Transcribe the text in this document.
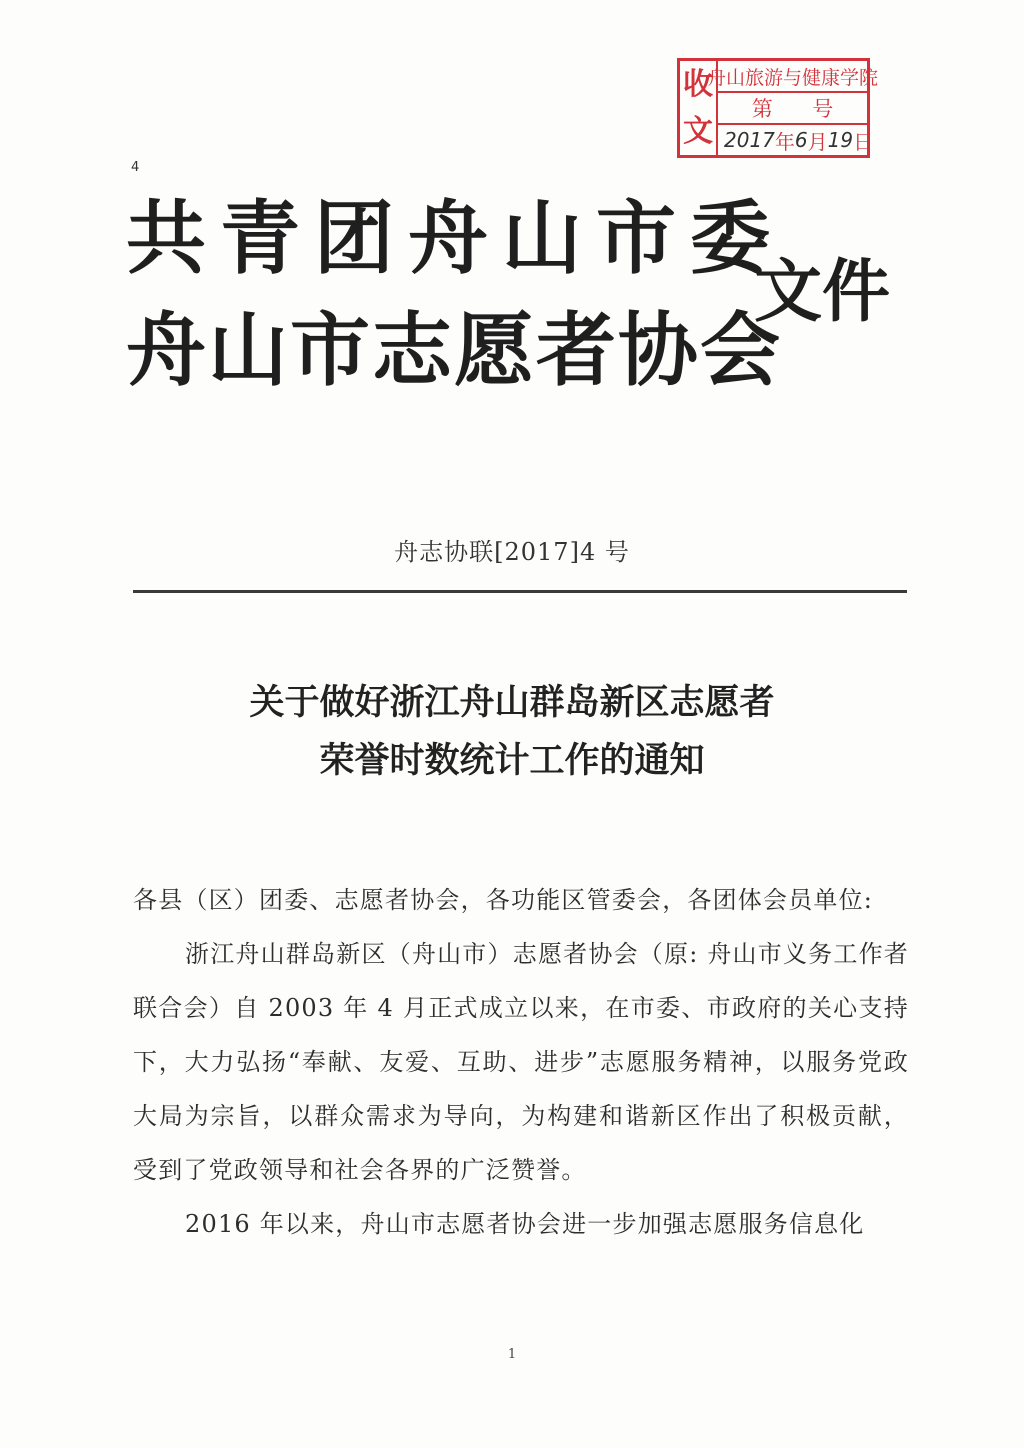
收
文
舟山旅游与健康学院
第 号
2017 年 6 月 19 日
4
共青团舟山市委
舟山市志愿者协会
文件
舟志协联[2017]4 号
关于做好浙江舟山群岛新区志愿者
荣誉时数统计工作的通知

各县（区）团委、志愿者协会，各功能区管委会，各团体会员单位:

浙江舟山群岛新区（舟山市）志愿者协会（原: 舟山市义务工作者联合会）自 2003 年 4 月正式成立以来，在市委、市政府的关心支持下，大力弘扬“奉献、友爱、互助、进步”志愿服务精神，以服务党政大局为宗旨，以群众需求为导向，为构建和谐新区作出了积极贡献，受到了党政领导和社会各界的广泛赞誉。

2016 年以来，舟山市志愿者协会进一步加强志愿服务信息化

1
